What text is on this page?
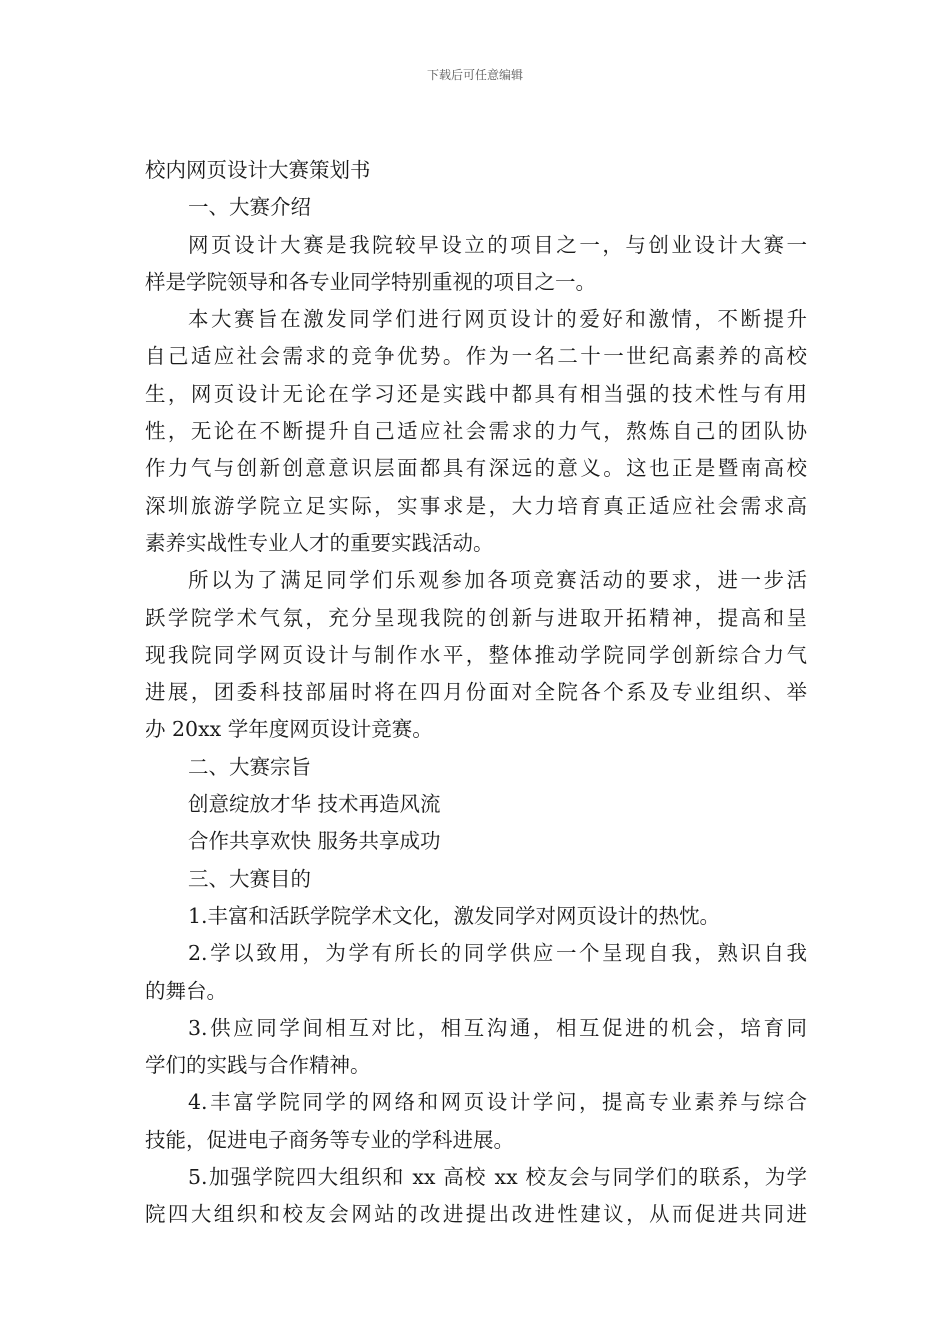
下载后可任意编辑
校内网页设计大赛策划书
一、大赛介绍
网页设计大赛是我院较早设立的项目之一，与创业设计大赛一
样是学院领导和各专业同学特别重视的项目之一。
本大赛旨在激发同学们进行网页设计的爱好和激情，不断提升
自己适应社会需求的竞争优势。作为一名二十一世纪高素养的高校
生，网页设计无论在学习还是实践中都具有相当强的技术性与有用
性，无论在不断提升自己适应社会需求的力气，熬炼自己的团队协
作力气与创新创意意识层面都具有深远的意义。这也正是暨南高校
深圳旅游学院立足实际，实事求是，大力培育真正适应社会需求高
素养实战性专业人才的重要实践活动。
所以为了满足同学们乐观参加各项竞赛活动的要求，进一步活
跃学院学术气氛，充分呈现我院的创新与进取开拓精神，提高和呈
现我院同学网页设计与制作水平，整体推动学院同学创新综合力气
进展，团委科技部届时将在四月份面对全院各个系及专业组织、举
办 20xx 学年度网页设计竞赛。
二、大赛宗旨
创意绽放才华 技术再造风流
合作共享欢快 服务共享成功
三、大赛目的
1.丰富和活跃学院学术文化，激发同学对网页设计的热忱。
2.学以致用，为学有所长的同学供应一个呈现自我，熟识自我
的舞台。
3.供应同学间相互对比，相互沟通，相互促进的机会，培育同
学们的实践与合作精神。
4.丰富学院同学的网络和网页设计学问，提高专业素养与综合
技能，促进电子商务等专业的学科进展。
5.加强学院四大组织和 xx 高校 xx 校友会与同学们的联系，为学
院四大组织和校友会网站的改进提出改进性建议，从而促进共同进
